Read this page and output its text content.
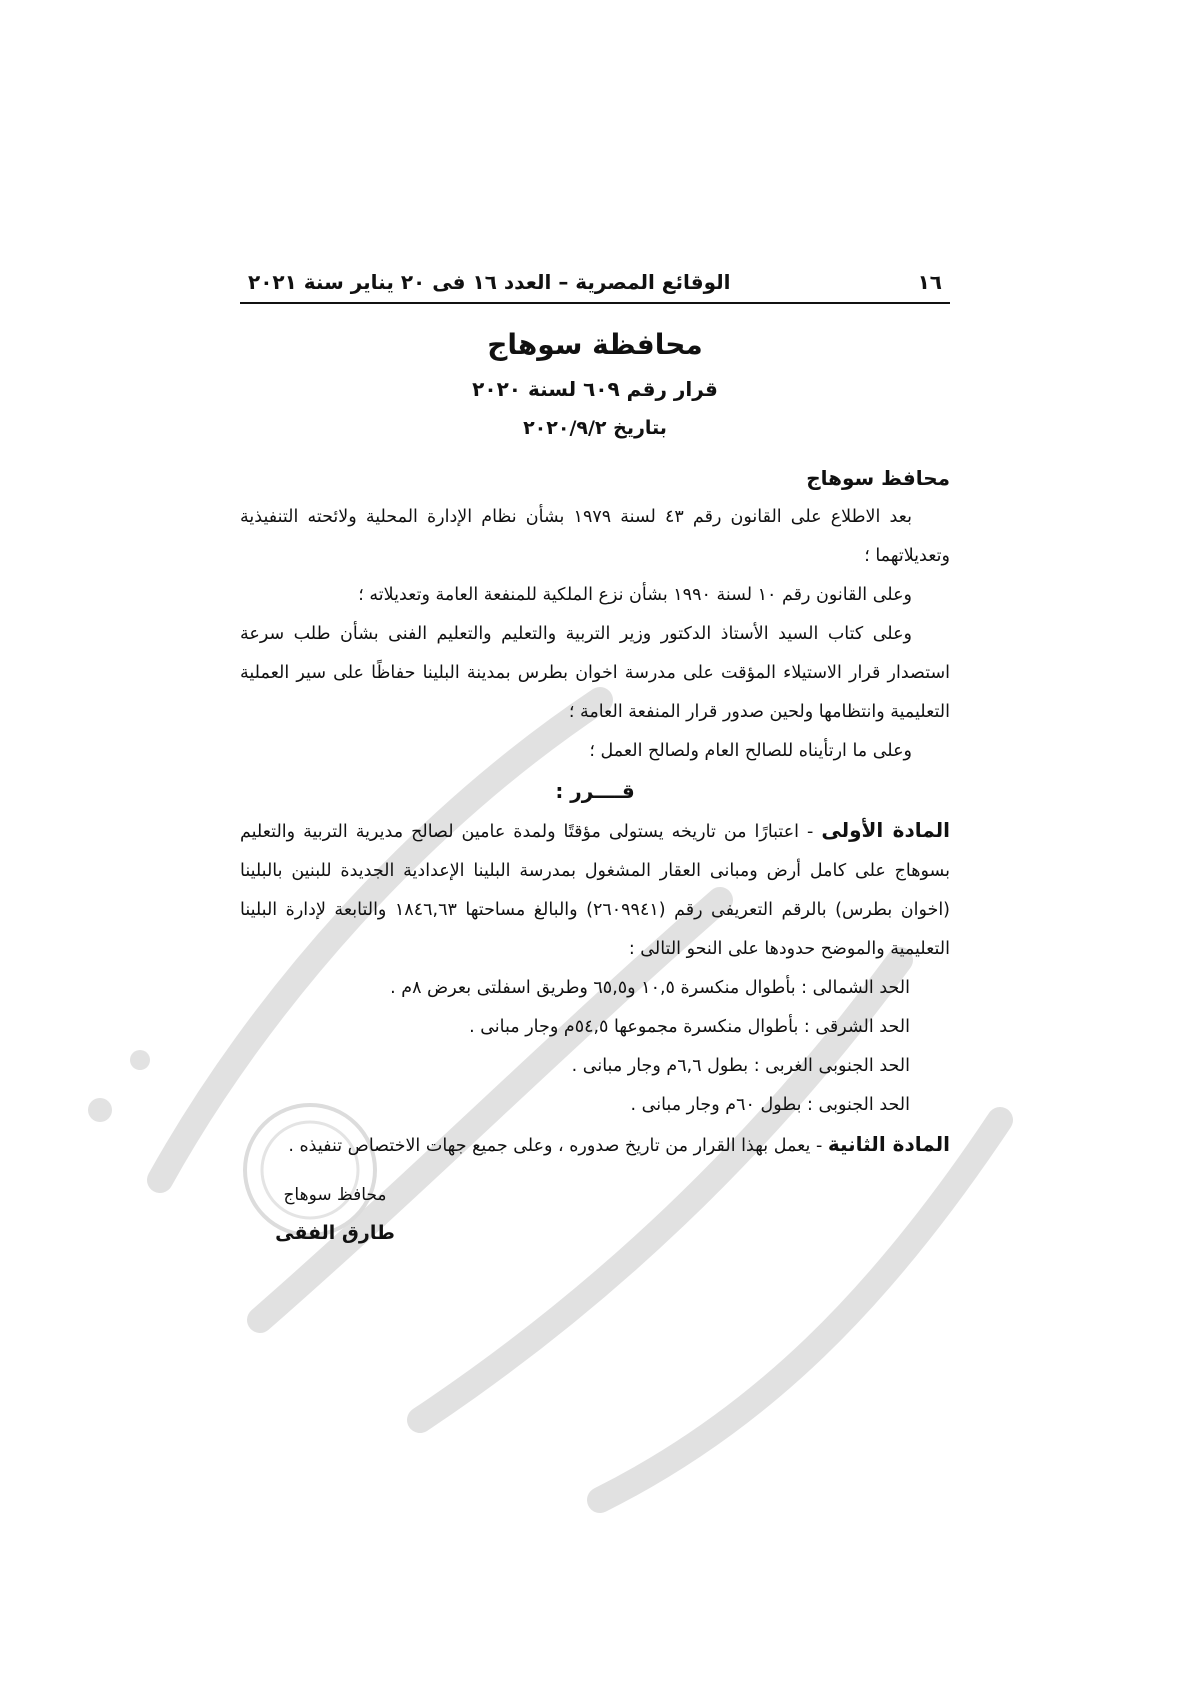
١٦
الوقائع المصرية – العدد ١٦ فى ٢٠ يناير سنة ٢٠٢١
محافظة سوهاج
قرار رقم ٦٠٩ لسنة ٢٠٢٠
بتاريخ ٢٠٢٠/٩/٢
محافظ سوهاج
بعد الاطلاع على القانون رقم ٤٣ لسنة ١٩٧٩ بشأن نظام الإدارة المحلية ولائحته التنفيذية وتعديلاتهما ؛
وعلى القانون رقم ١٠ لسنة ١٩٩٠ بشأن نزع الملكية للمنفعة العامة وتعديلاته ؛
وعلى كتاب السيد الأستاذ الدكتور وزير التربية والتعليم والتعليم الفنى بشأن طلب سرعة استصدار قرار الاستيلاء المؤقت على مدرسة اخوان بطرس بمدينة البلينا حفاظًا على سير العملية التعليمية وانتظامها ولحين صدور قرار المنفعة العامة ؛
وعلى ما ارتأيناه للصالح العام ولصالح العمل ؛
قــــرر :
المادة الأولى - اعتبارًا من تاريخه يستولى مؤقتًا ولمدة عامين لصالح مديرية التربية والتعليم بسوهاج على كامل أرض ومبانى العقار المشغول بمدرسة البلينا الإعدادية الجديدة للبنين بالبلينا (اخوان بطرس) بالرقم التعريفى رقم (٢٦٠٩٩٤١) والبالغ مساحتها ١٨٤٦,٦٣ والتابعة لإدارة البلينا التعليمية والموضح حدودها على النحو التالى :
الحد الشمالى : بأطوال منكسرة ١٠,٥ و٦٥,٥ وطريق اسفلتى بعرض ٨م .
الحد الشرقى : بأطوال منكسرة مجموعها ٥٤,٥م وجار مبانى .
الحد الجنوبى الغربى : بطول ٦,٦م وجار مبانى .
الحد الجنوبى : بطول ٦٠م وجار مبانى .
المادة الثانية - يعمل بهذا القرار من تاريخ صدوره ، وعلى جميع جهات الاختصاص تنفيذه .
محافظ سوهاج
طارق الفقى
